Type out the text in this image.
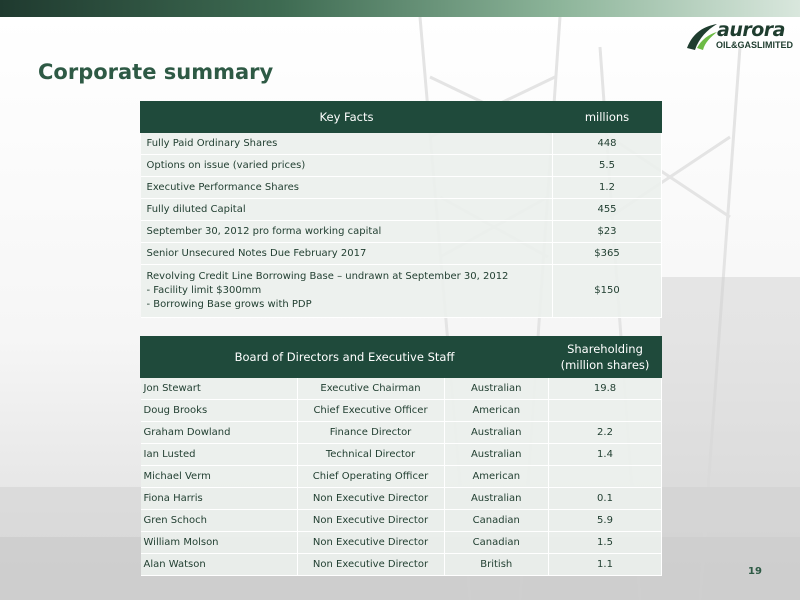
aurora
OIL&GASLIMITED
Corporate summary
Key Facts	millions
Fully Paid Ordinary Shares	448
Options on issue (varied prices)	5.5
Executive Performance Shares	1.2
Fully diluted Capital	455
September 30, 2012 pro forma working capital	$23
Senior Unsecured Notes Due February 2017	$365

Revolving Credit Line Borrowing Base – undrawn at September 30, 2012
- Facility limit $300mm
- Borrowing Base grows with PDP	$150
Board of Directors and Executive Staff			Shareholding
(million shares)

Jon Stewart	Executive Chairman	Australian	19.8
Doug Brooks	Chief Executive Officer	American	
Graham Dowland	Finance Director	Australian	2.2
Ian Lusted	Technical Director	Australian	1.4
Michael Verm	Chief Operating Officer	American	
Fiona Harris	Non Executive Director	Australian	0.1
Gren Schoch	Non Executive Director	Canadian	5.9
William Molson	Non Executive Director	Canadian	1.5
Alan Watson	Non Executive Director	British	1.1
19
